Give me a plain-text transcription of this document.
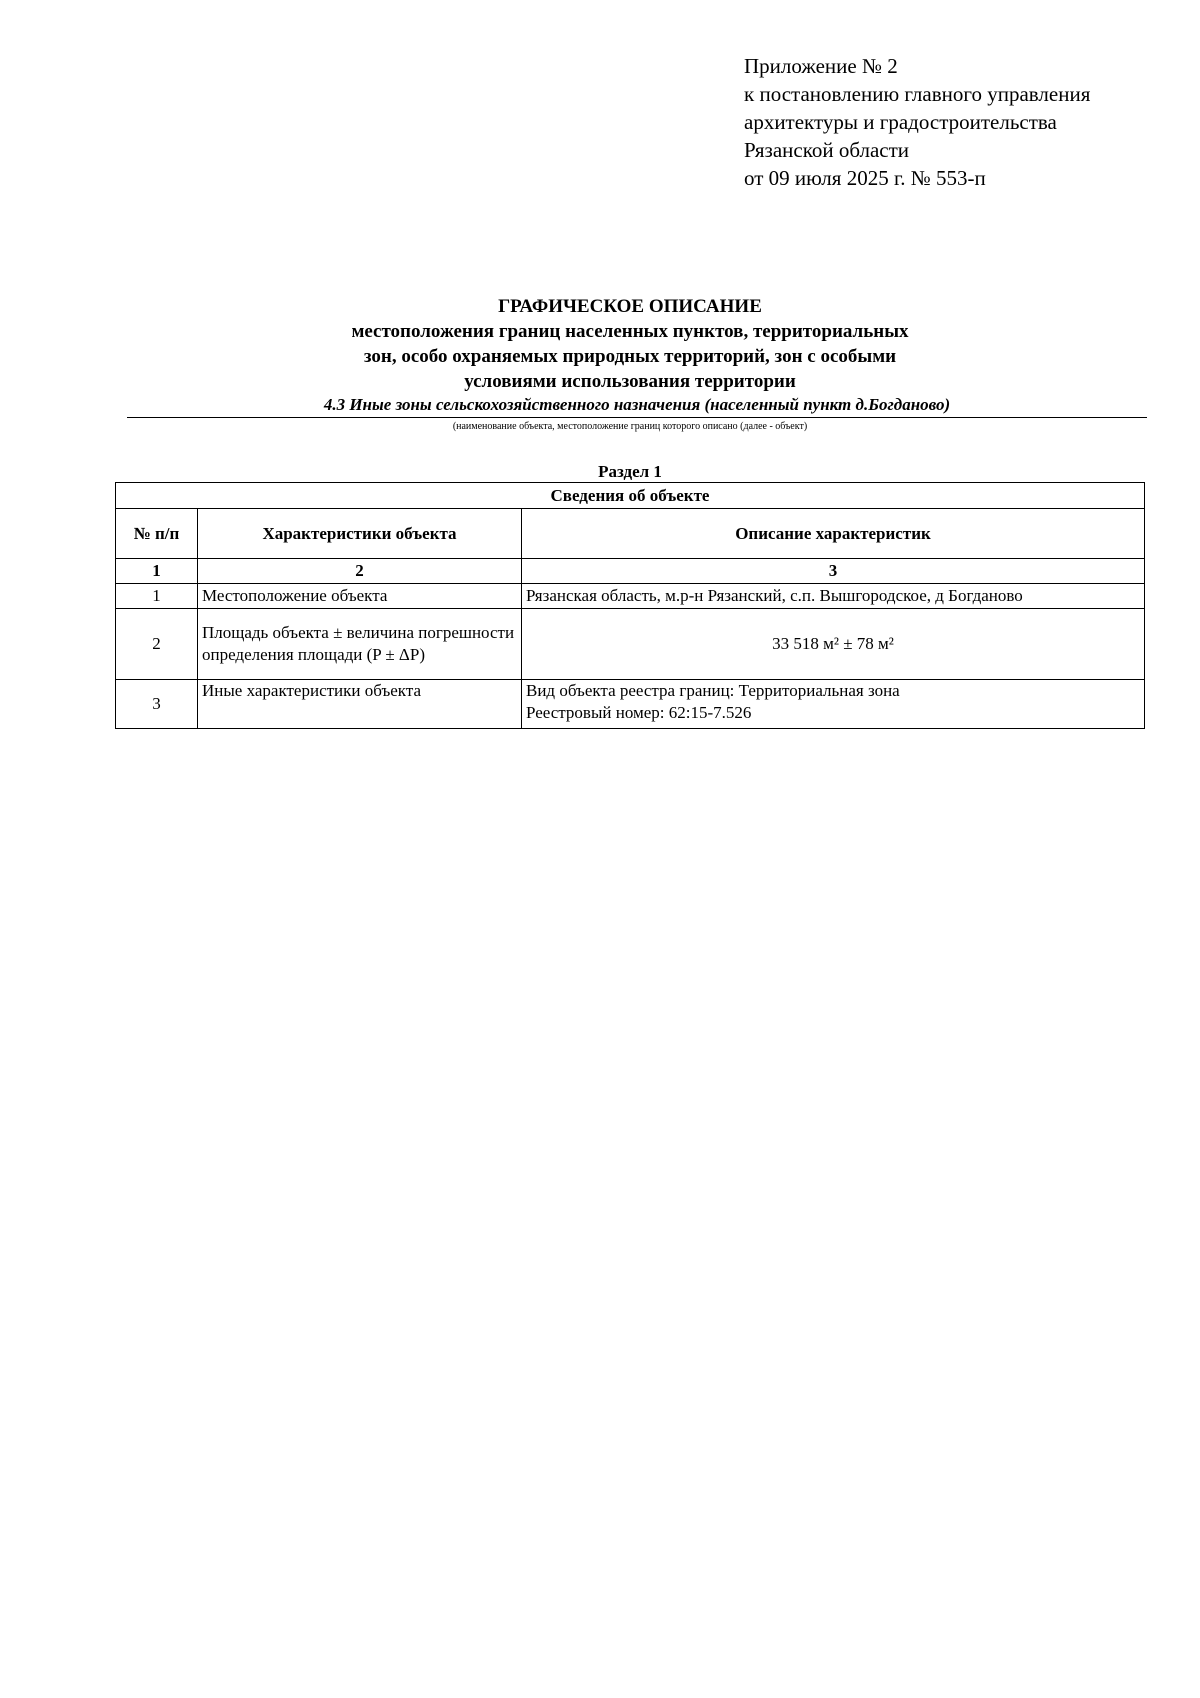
Приложение № 2
к постановлению главного управления
архитектуры и градостроительства
Рязанской области
от 09 июля 2025 г. № 553-п
ГРАФИЧЕСКОЕ ОПИСАНИЕ
местоположения границ населенных пунктов, территориальных
зон, особо охраняемых природных территорий, зон с особыми
условиями использования территории
4.3 Иные зоны сельскохозяйственного назначения (населенный пункт д.Богданово)
(наименование объекта, местоположение границ которого описано (далее - объект)
Раздел 1
Сведения об объекте		
№ п/п	Характеристики объекта	Описание характеристик
1	2	3
1	Местоположение объекта	Рязанская область, м.р-н Рязанский, с.п. Вышгородское, д Богданово

2	Площадь объекта ± величина погрешности определения площади (P ± ΔP)	33 518 м² ± 78 м²

3	Иные характеристики объекта	Вид объекта реестра границ: Территориальная зона
Реестровый номер: 62:15-7.526
